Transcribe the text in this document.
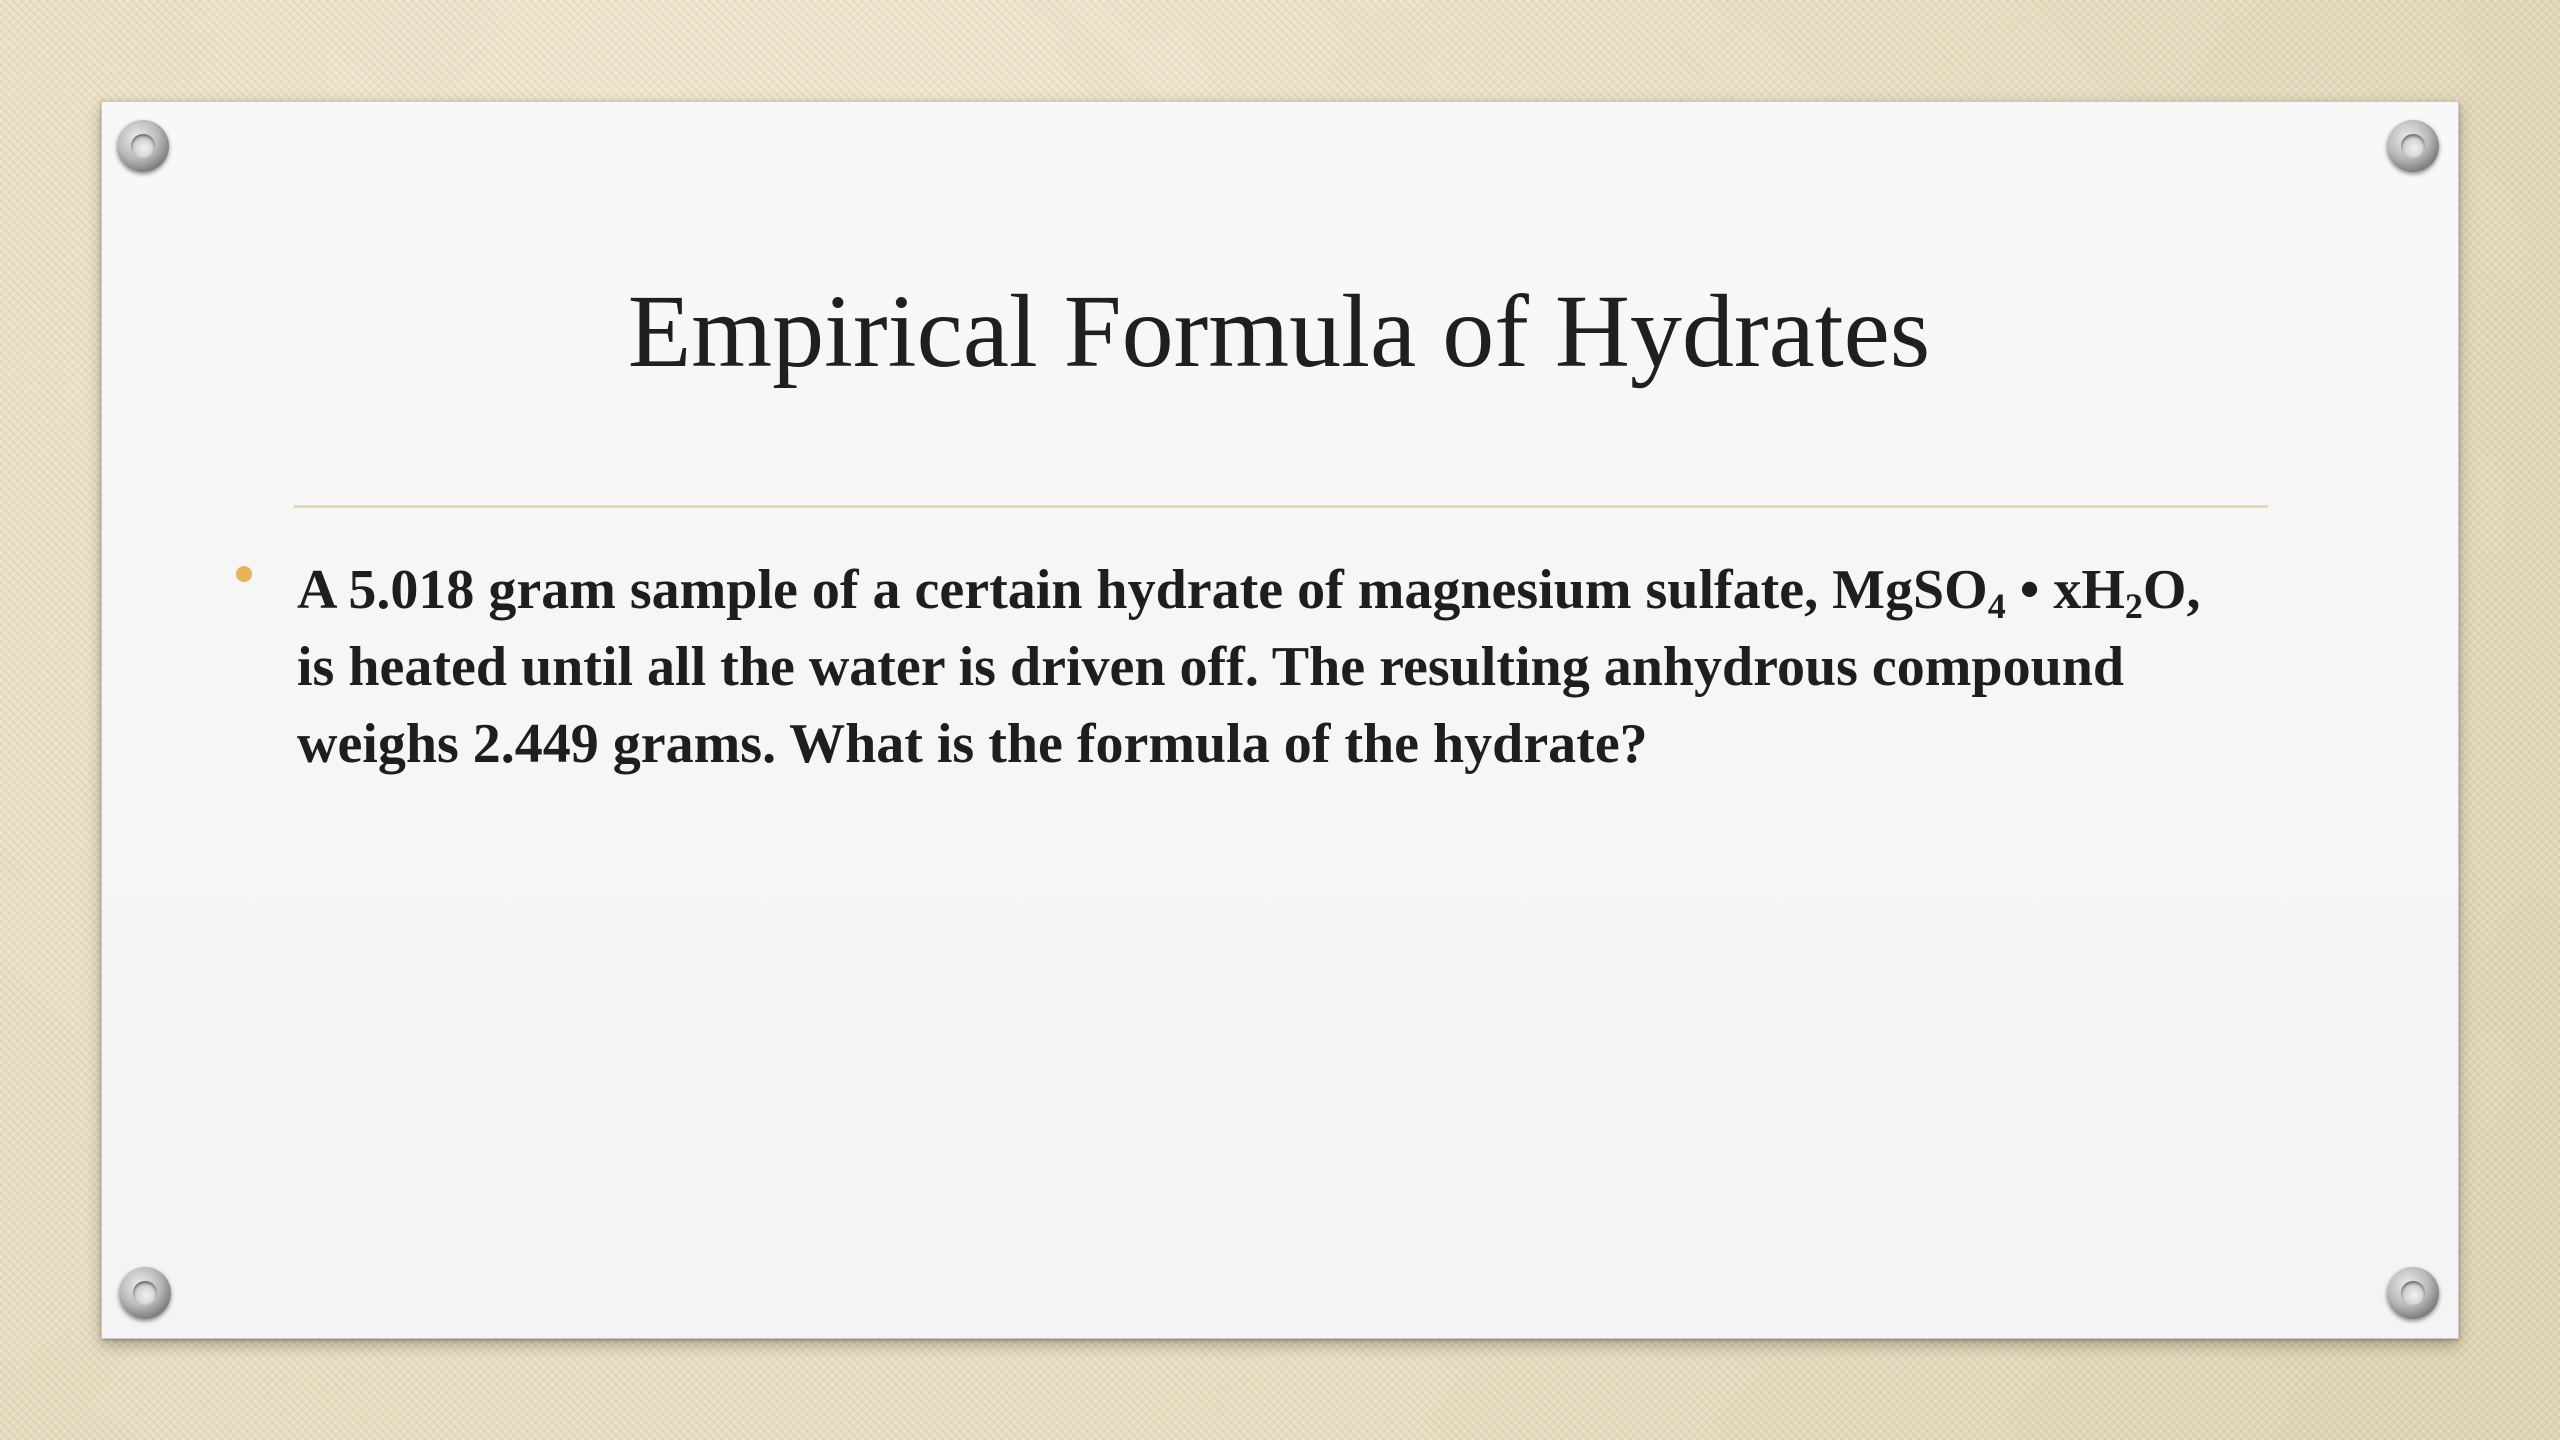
Empirical Formula of Hydrates

A 5.018 gram sample of a certain hydrate of magnesium sulfate, MgSO$_4$ • $xH_2O$, is heated until all the water is driven off. The resulting anhydrous compound weighs 2.449 grams. What is the formula of the hydrate?
